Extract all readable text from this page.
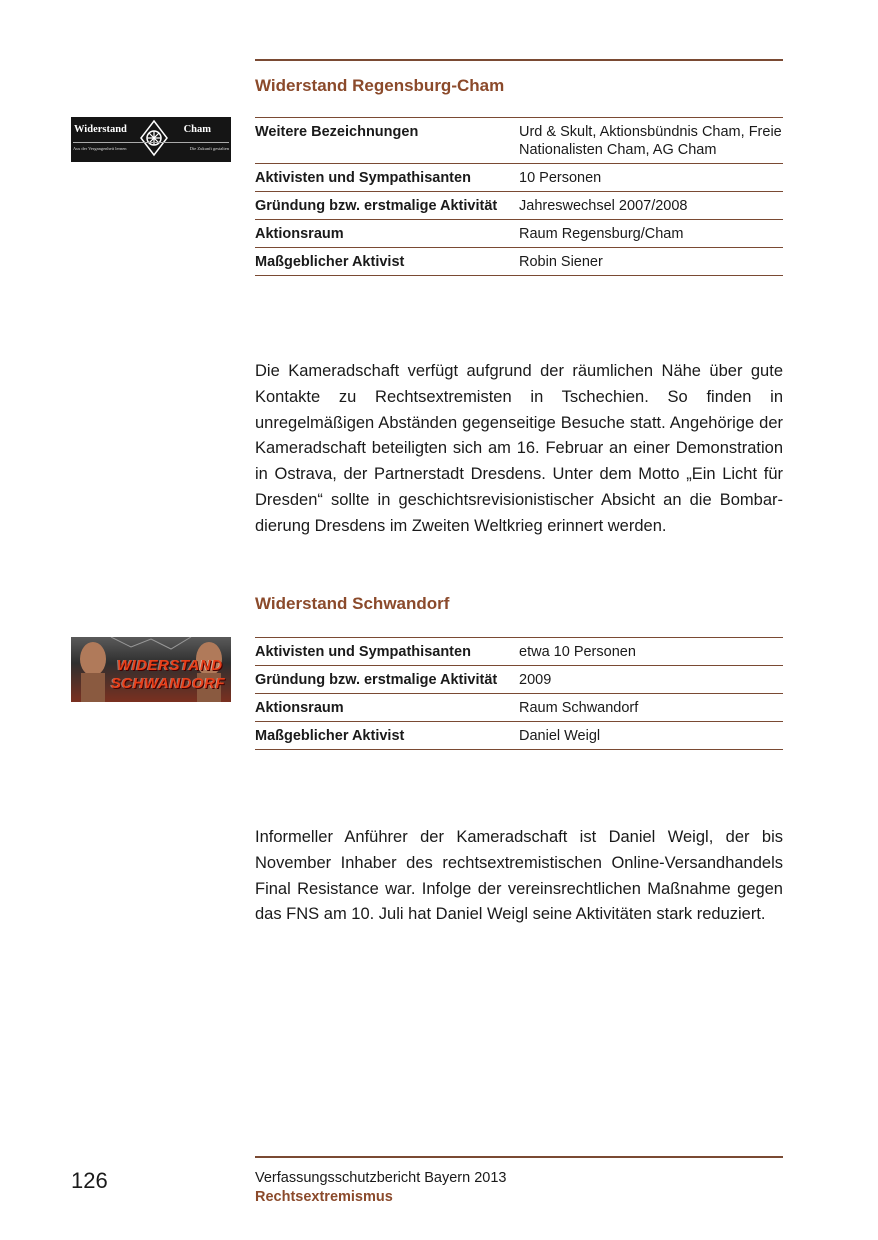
Widerstand Regensburg-Cham
Widerstand	Cham
Aus der Vergangenheit lernen	Die Zukunft gestalten
Weitere Bezeichnungen	Urd & Skult, Aktionsbündnis Cham, Freie Nationalisten Cham, AG Cham
Aktivisten und Sympathisanten	10 Personen
Gründung bzw. erstmalige Aktivität	Jahreswechsel 2007/2008
Aktionsraum	Raum Regensburg/Cham
Maßgeblicher Aktivist	Robin Siener

Die Kameradschaft verfügt aufgrund der räumlichen Nähe über gute Kontakte zu Rechtsextremisten in Tschechien. So finden in unregelmäßigen Abständen gegenseitige Besuche statt. Angehörige der Kameradschaft beteiligten sich am 16. Februar an einer Demonstration in Ostrava, der Partnerstadt Dresdens. Unter dem Motto „Ein Licht für Dresden“ sollte in geschichtsrevisionistischer Absicht an die Bombardierung Dresdens im Zweiten Weltkrieg erinnert werden.

Widerstand Schwandorf
WIDERSTAND
SCHWANDORF
Aktivisten und Sympathisanten	etwa 10 Personen
Gründung bzw. erstmalige Aktivität	2009
Aktionsraum	Raum Schwandorf
Maßgeblicher Aktivist	Daniel Weigl

Informeller Anführer der Kameradschaft ist Daniel Weigl, der bis November Inhaber des rechtsextremistischen Online-Versandhandels Final Resistance war. Infolge der vereinsrechtlichen Maßnahme gegen das FNS am 10. Juli hat Daniel Weigl seine Aktivitäten stark reduziert.

126	Verfassungsschutzbericht Bayern 2013

Rechtsextremismus
